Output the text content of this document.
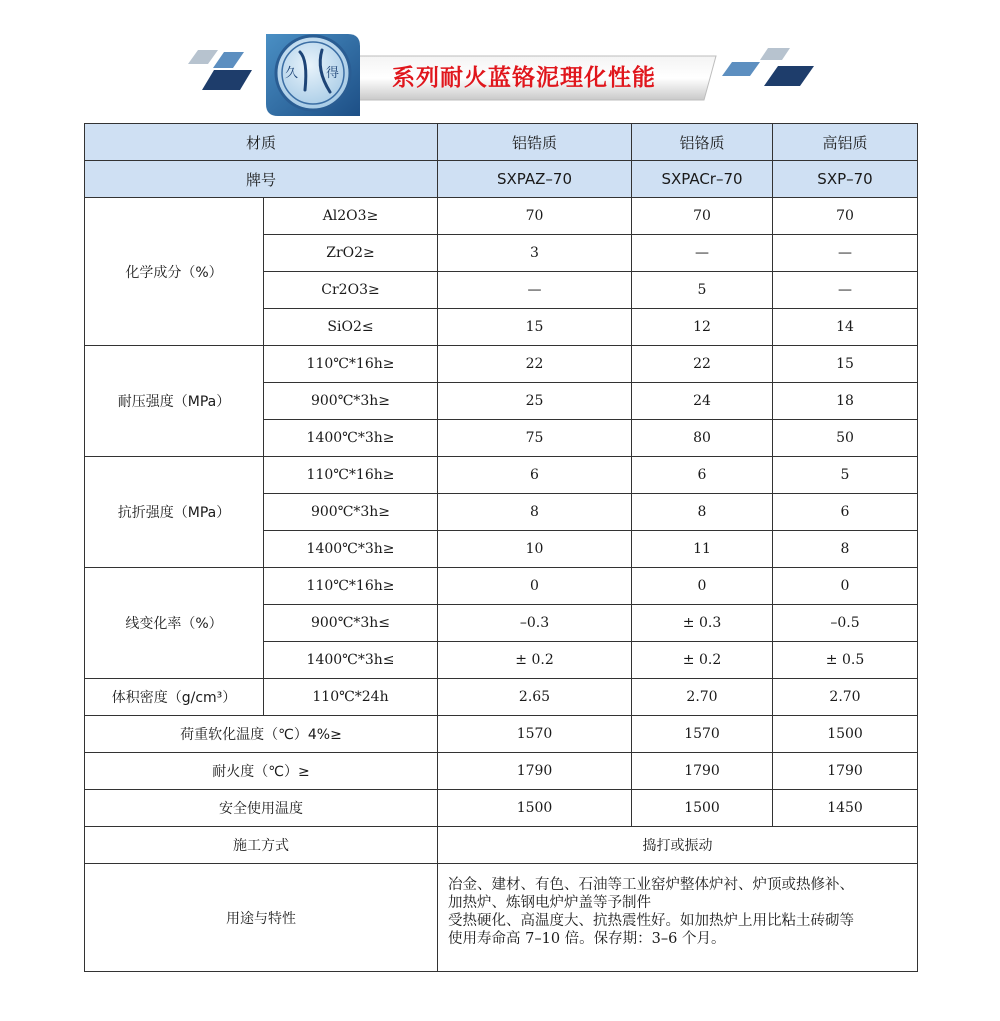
久 得 系列耐火蓝铬泥理化性能
材质		铝锆质	铝铬质	高铝质
牌号		SXPAZ–70	SXPACr–70	SXP–70
化学成分（%）	Al2O3≥	70	70	70
	ZrO2≥	3	—	—
	Cr2O3≥	—	5	—
	SiO2≤	15	12	14
耐压强度（MPa）	110℃*16h≥	22	22	15
	900℃*3h≥	25	24	18
	1400℃*3h≥	75	80	50
抗折强度（MPa）	110℃*16h≥	6	6	5
	900℃*3h≥	8	8	6
	1400℃*3h≥	10	11	8
线变化率（%）	110℃*16h≥	0	0	0
	900℃*3h≤	–0.3	± 0.3	–0.5
	1400℃*3h≤	± 0.2	± 0.2	± 0.5
体积密度（g/cm³）	110℃*24h	2.65	2.70	2.70
荷重软化温度（℃）4%≥		1570	1570	1500
耐火度（℃）≥		1790	1790	1790
安全使用温度		1500	1500	1450
施工方式		捣打或振动		
用途与特性		冶金、建材、有色、石油等工业窑炉整体炉衬、炉顶或热修补、
加热炉、炼钢电炉炉盖等予制件
受热硬化、高温度大、抗热震性好。如加热炉上用比粘土砖砌等
使用寿命高 7–10 倍。保存期：3–6 个月。		
